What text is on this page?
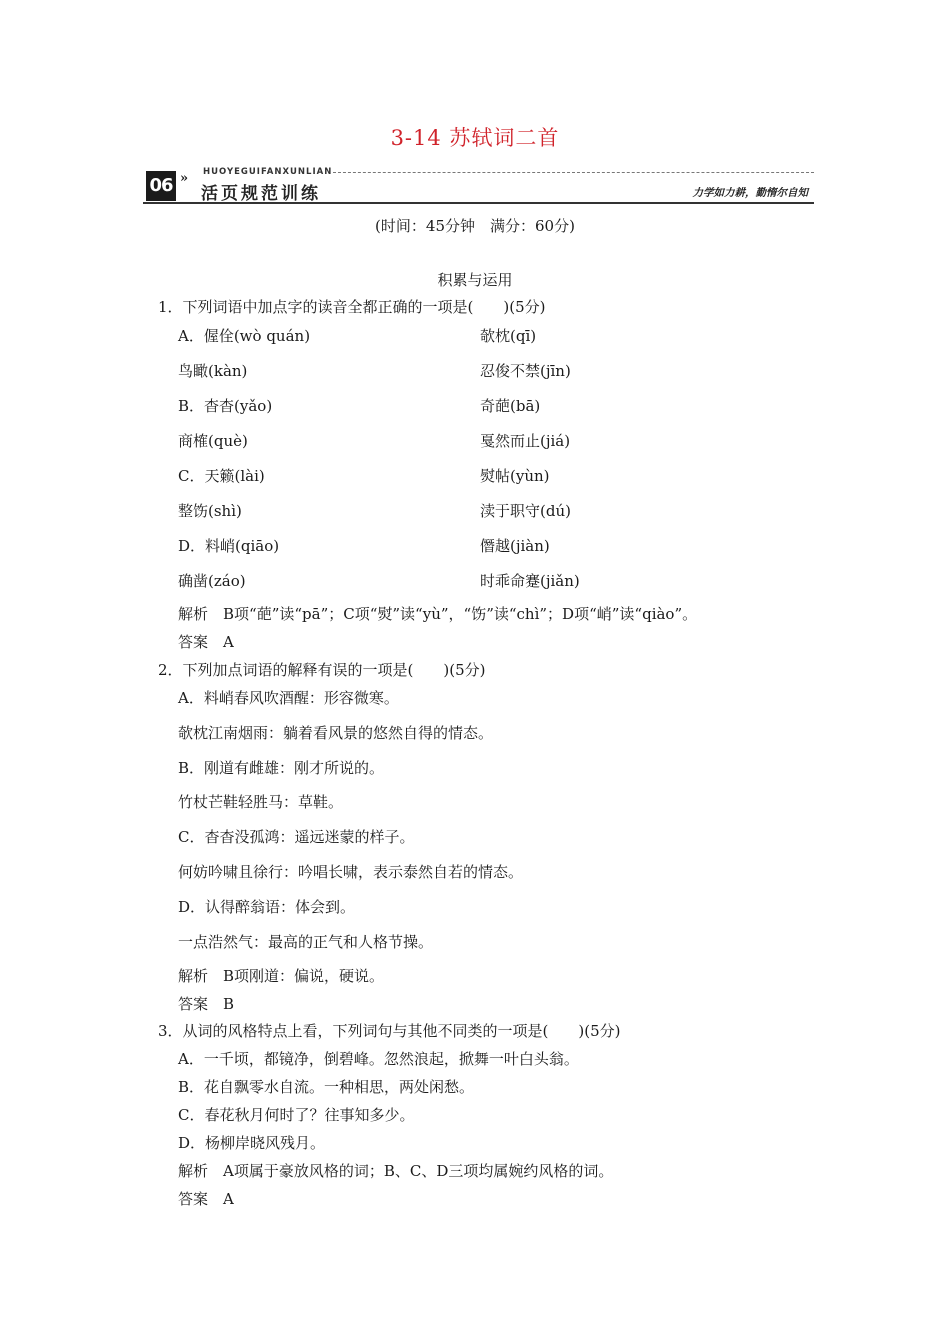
3-14 苏轼词二首
06 » HUOYEGUIFANXUNLIAN
活页规范训练	力学如力耕，勤惰尔自知
(时间：45分钟　满分：60分)
积累与运用
1．下列词语中加点字的读音全都正确的一项是(　　)(5分)
A．偓佺(wò quán)	欹枕(qī)
鸟瞰(kàn)	忍俊不禁(jīn)
B．杳杳(yǎo)	奇葩(bā)
商榷(què)	戛然而止(jiá)
C．天籁(lài)	熨帖(yùn)
整饬(shì)	渎于职守(dú)
D．料峭(qiāo)	僭越(jiàn)
确凿(záo)	时乖命蹇(jiǎn)
解析　B项“葩”读“pā”；C项“熨”读“yù”，“饬”读“chì”；D项“峭”读“qiào”。
答案　A
2．下列加点词语的解释有误的一项是(　　)(5分)
A．料峭春风吹酒醒：形容微寒。
欹枕江南烟雨：躺着看风景的悠然自得的情态。
B．刚道有雌雄：刚才所说的。
竹杖芒鞋轻胜马：草鞋。
C．杳杳没孤鸿：遥远迷蒙的样子。
何妨吟啸且徐行：吟唱长啸，表示泰然自若的情态。
D．认得醉翁语：体会到。
一点浩然气：最高的正气和人格节操。
解析　B项刚道：偏说，硬说。
答案　B
3．从词的风格特点上看，下列词句与其他不同类的一项是(　　)(5分)
A．一千顷，都镜净，倒碧峰。忽然浪起，掀舞一叶白头翁。
B．花自飘零水自流。一种相思，两处闲愁。
C．春花秋月何时了？往事知多少。
D．杨柳岸晓风残月。
解析　A项属于豪放风格的词；B、C、D三项均属婉约风格的词。
答案　A
